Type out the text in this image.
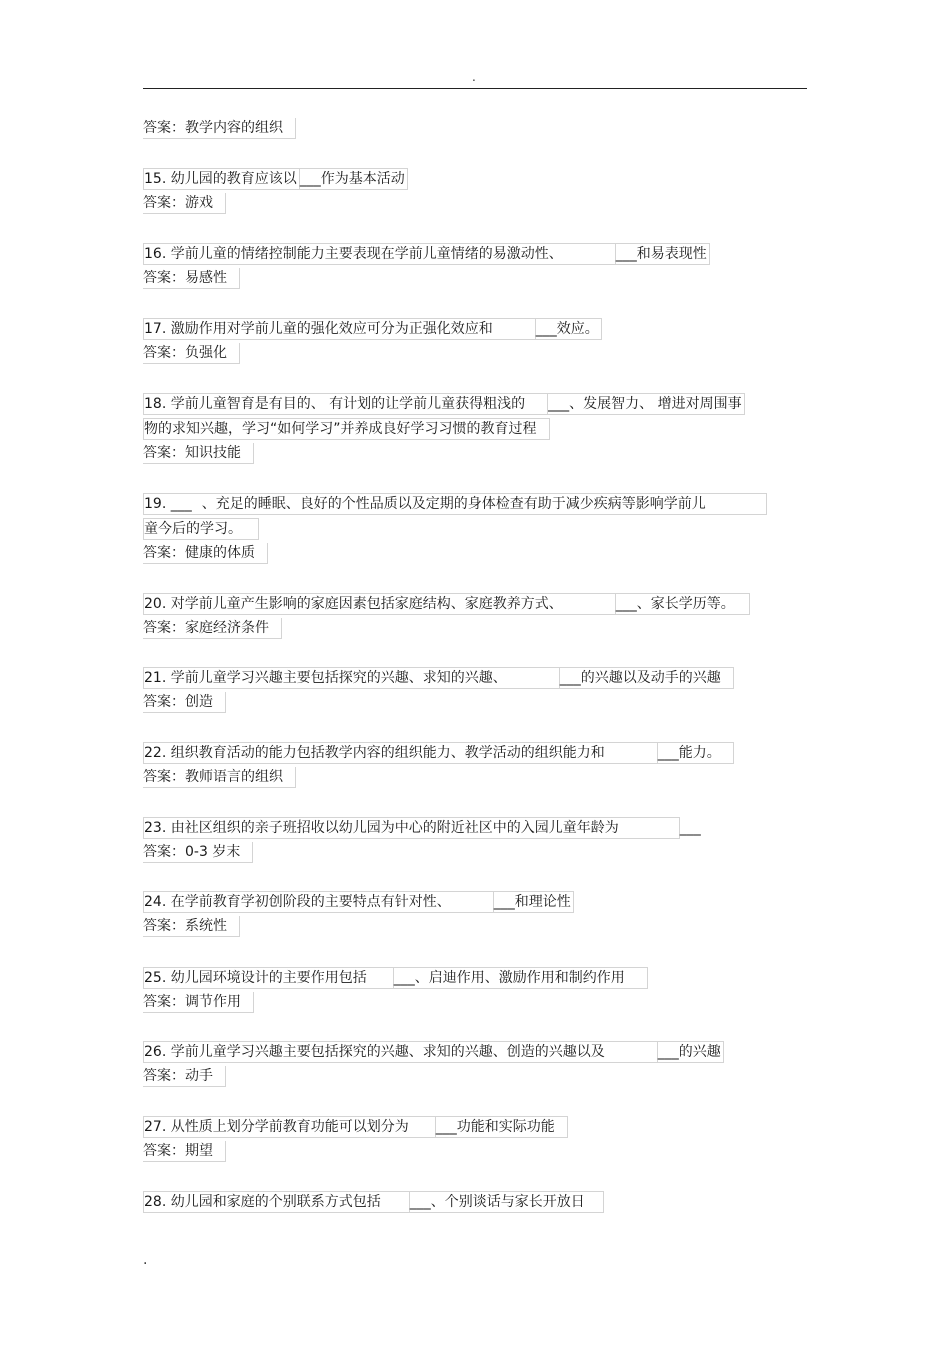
.
答案：教学内容的组织
15. 幼儿园的教育应该以 ___作为基本活动
答案：游戏
16. 学前儿童的情绪控制能力主要表现在学前儿童情绪的易激动性、	___和易表现性
答案：易感性
17. 激励作用对学前儿童的强化效应可分为正强化效应和	___效应。
答案：负强化
18. 学前儿童智育是有目的、 有计划的让学前儿童获得粗浅的 ___、发展智力、 增进对周围事
物的求知兴趣，学习“如何学习”并养成良好学习习惯的教育过程
答案：知识技能
19. ___ 、充足的睡眠、良好的个性品质以及定期的身体检查有助于减少疾病等影响学前儿
童今后的学习。
答案：健康的体质
20. 对学前儿童产生影响的家庭因素包括家庭结构、家庭教养方式、	___、家长学历等。
答案：家庭经济条件
21. 学前儿童学习兴趣主要包括探究的兴趣、求知的兴趣、	___的兴趣以及动手的兴趣
答案：创造
22. 组织教育活动的能力包括教学内容的组织能力、教学活动的组织能力和	___能力。
答案：教师语言的组织
23. 由社区组织的亲子班招收以幼儿园为中心的附近社区中的入园儿童年龄为	___
答案：0-3 岁末
24. 在学前教育学初创阶段的主要特点有针对性、	___和理论性
答案：系统性
25. 幼儿园环境设计的主要作用包括 ___、启迪作用、激励作用和制约作用
答案：调节作用
26. 学前儿童学习兴趣主要包括探究的兴趣、求知的兴趣、创造的兴趣以及	___的兴趣
答案：动手
27. 从性质上划分学前教育功能可以划分为 ___功能和实际功能
答案：期望
28. 幼儿园和家庭的个别联系方式包括 ___、个别谈话与家长开放日
.
